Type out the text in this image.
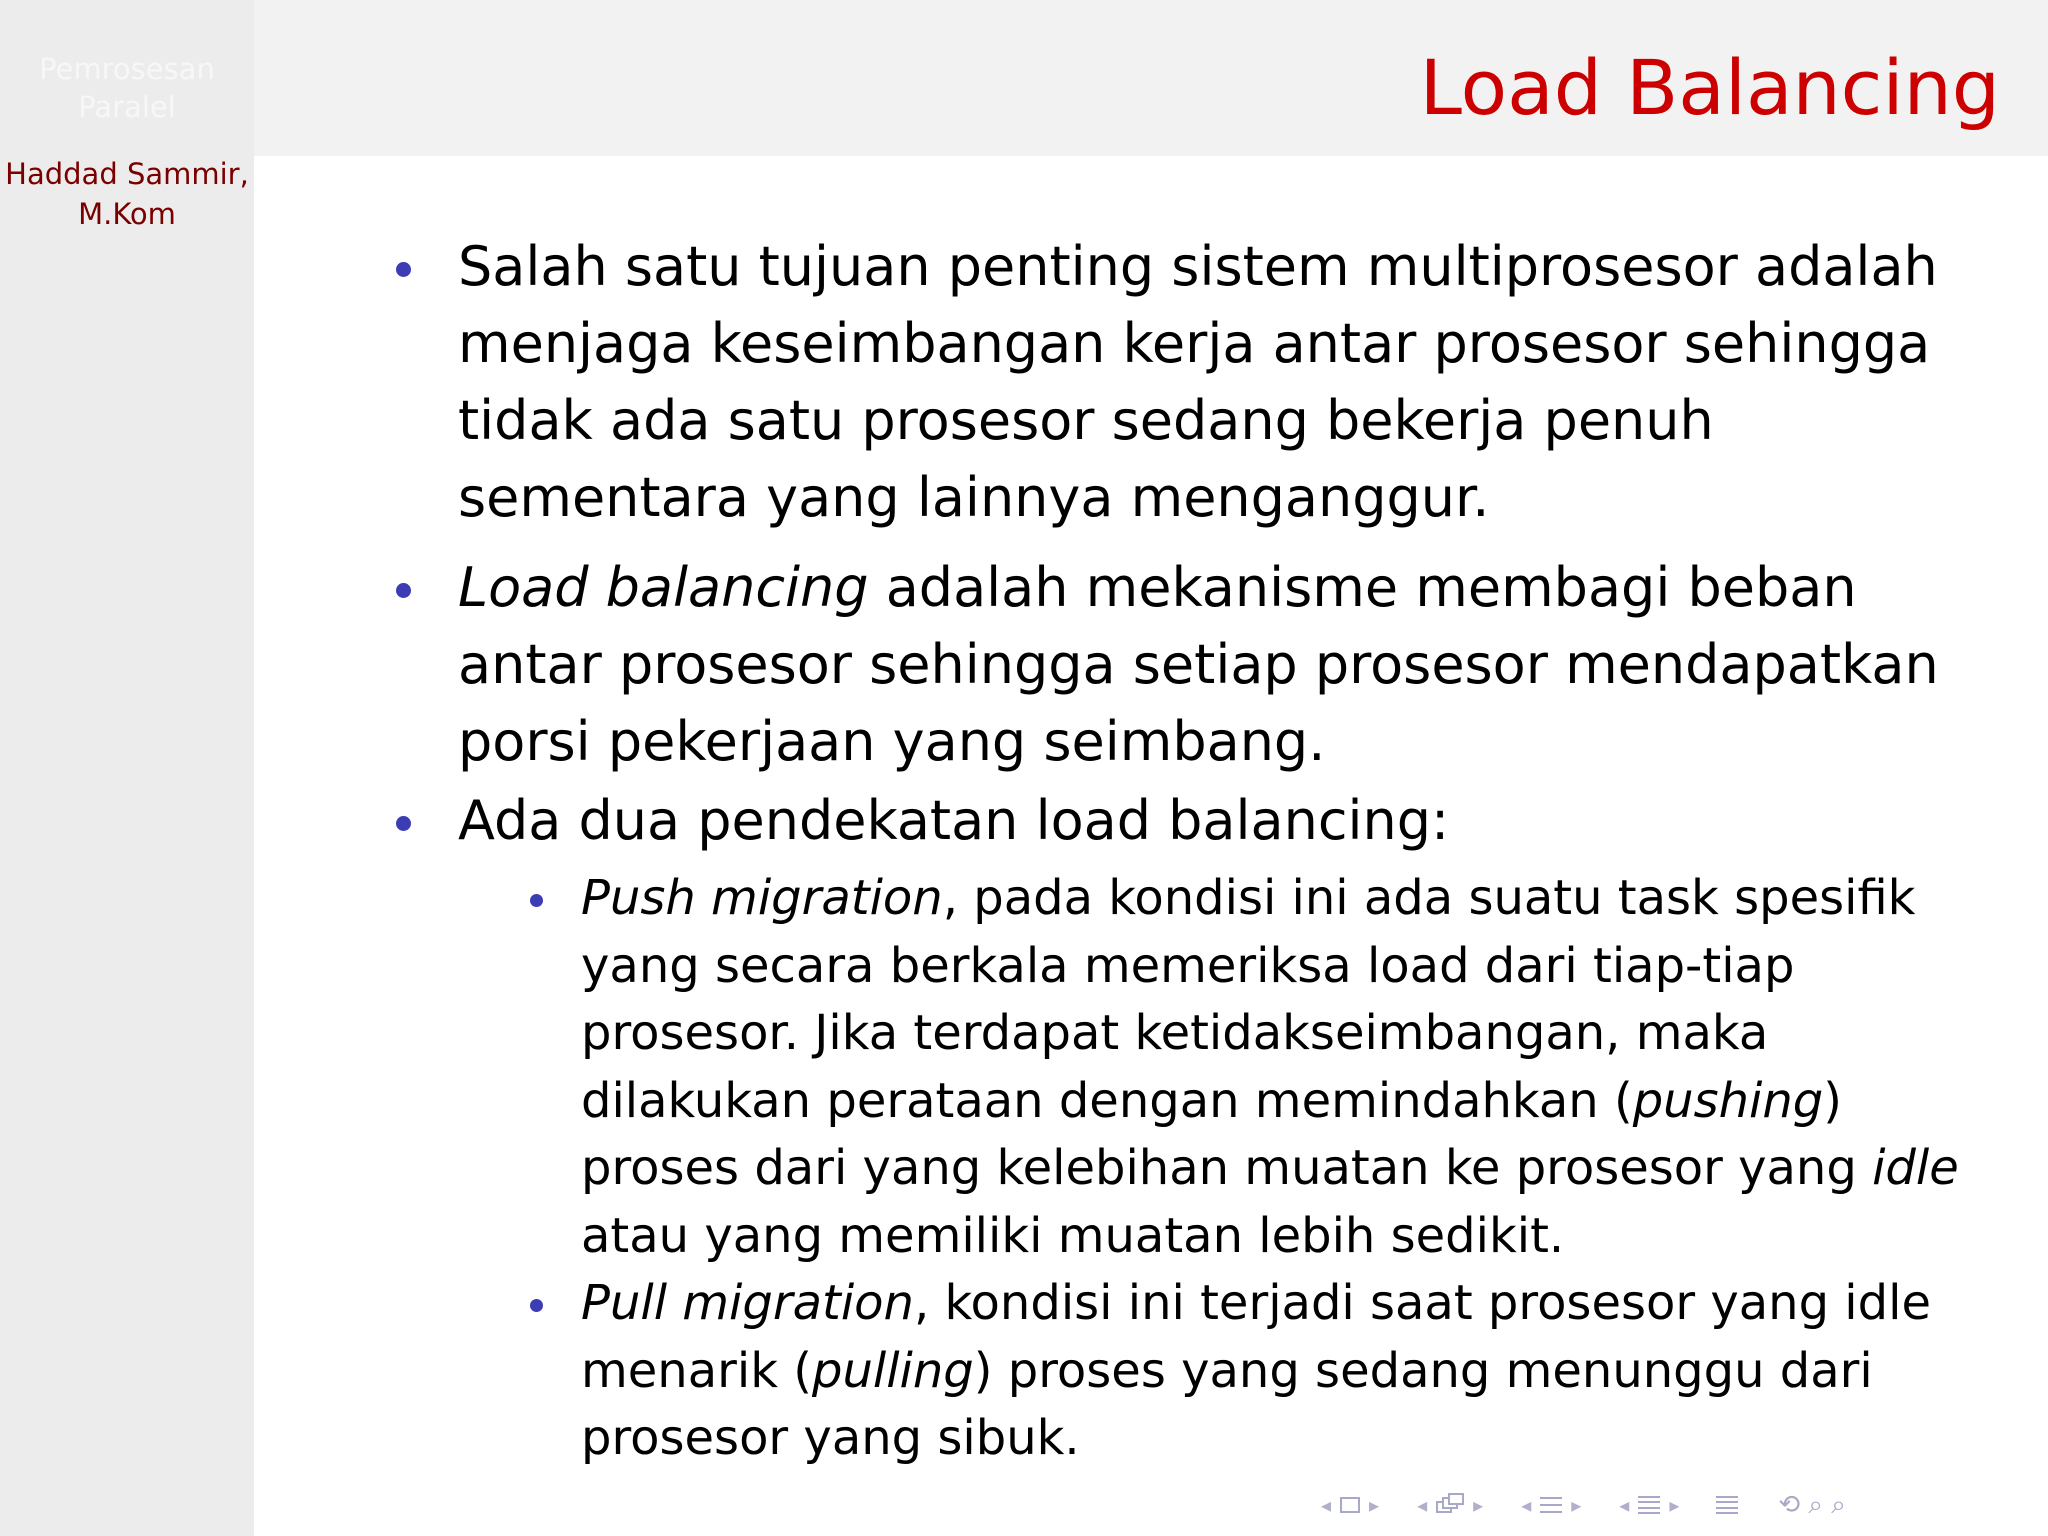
Pemrosesan Paralel
Haddad Sammir, M.Kom
Load Balancing
Salah satu tujuan penting sistem multiprosesor adalah menjaga keseimbangan kerja antar prosesor sehingga tidak ada satu prosesor sedang bekerja penuh sementara yang lainnya menganggur.
Load balancing adalah mekanisme membagi beban antar prosesor sehingga setiap prosesor mendapatkan porsi pekerjaan yang seimbang.
Ada dua pendekatan load balancing:
Push migration, pada kondisi ini ada suatu task spesifik yang secara berkala memeriksa load dari tiap-tiap prosesor. Jika terdapat ketidakseimbangan, maka dilakukan perataan dengan memindahkan (pushing) proses dari yang kelebihan muatan ke prosesor yang idle atau yang memiliki muatan lebih sedikit.
Pull migration, kondisi ini terjadi saat prosesor yang idle menarik (pulling) proses yang sedang menunggu dari prosesor yang sibuk.
◂ ▸ ◂ ▸ ◂ ▸ ◂ ▸	⟲ ⌕ ⌕
